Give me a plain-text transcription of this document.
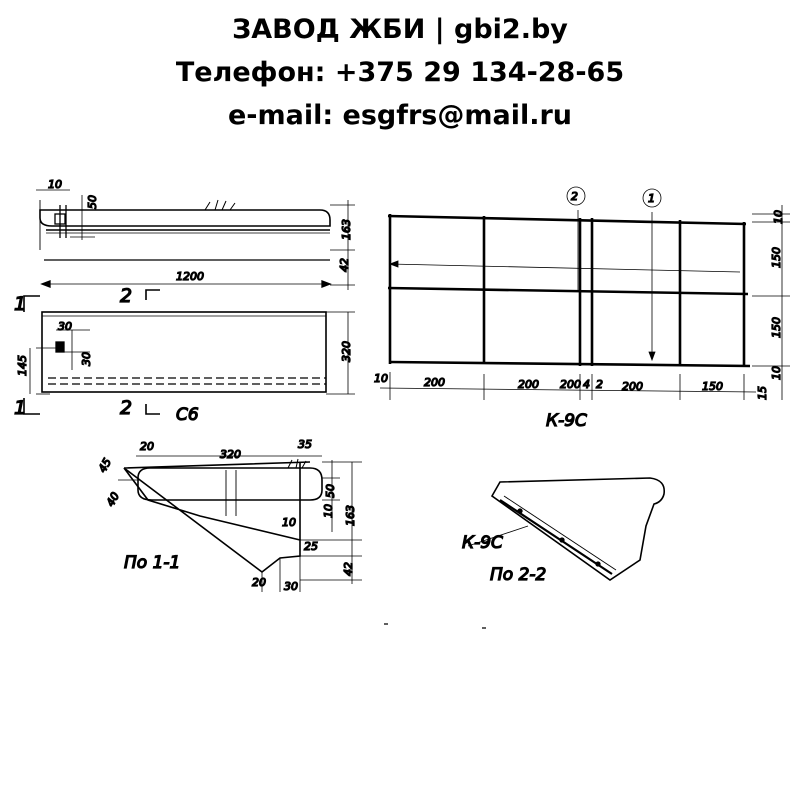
ЗАВОД ЖБИ | gbi2.by
Телефон: +375 29 134-28-65
e-mail: esgfrs@mail.ru
10
50
163
42
1200
1
1
2
2
30
30
145
320
С6
2	1
10	200	200 200 4 2 200	150	15
10
150
150
10
К-9С
20
320
35
45
40	50
10
10	163
25
42
20 30
По 1-1
К-9С
По 2-2
